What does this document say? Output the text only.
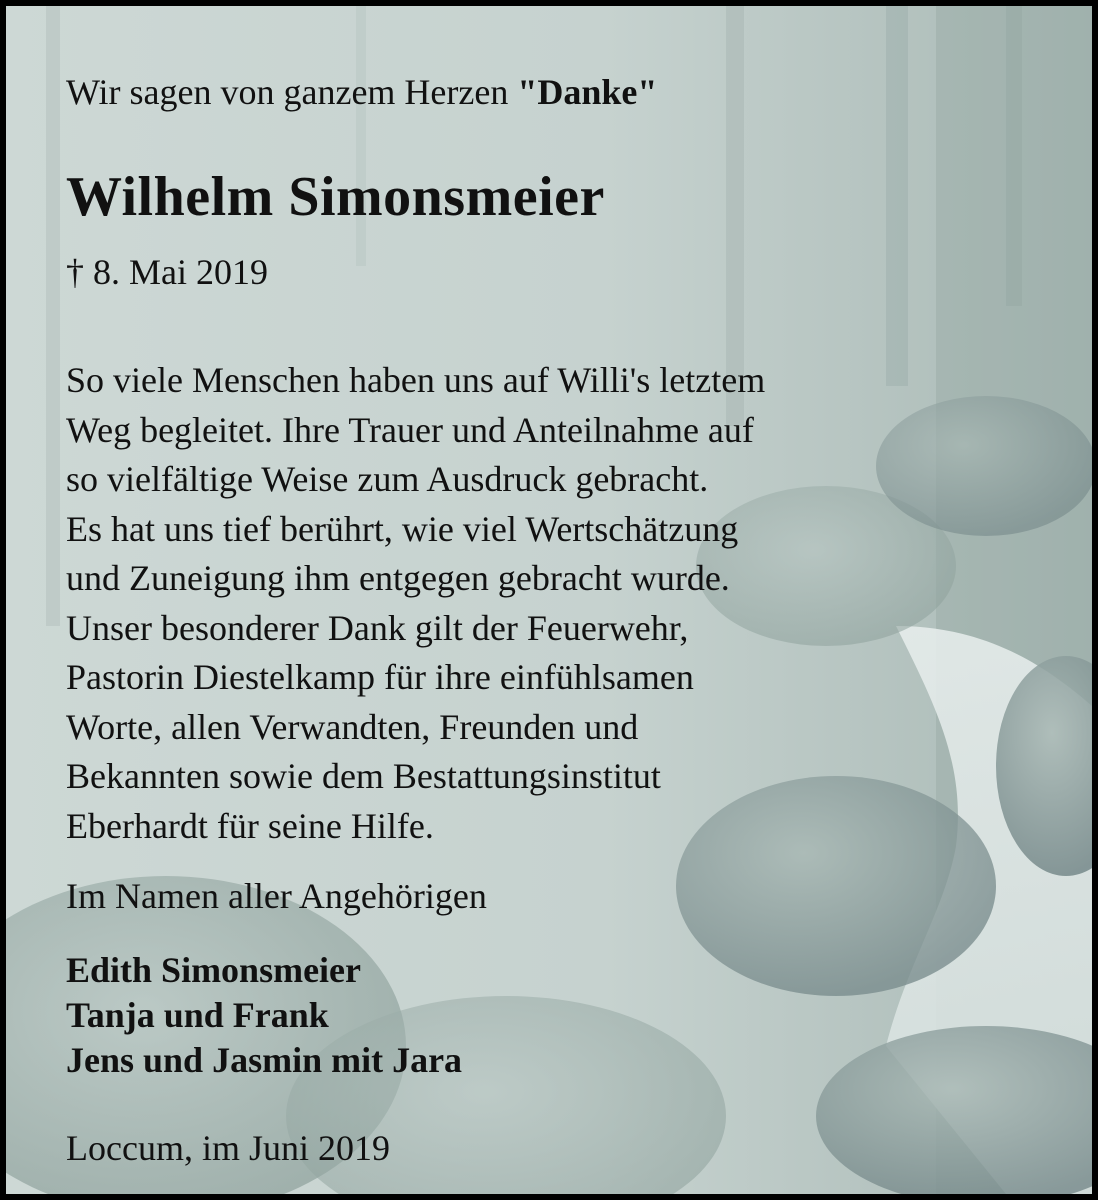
Wir sagen von ganzem Herzen "Danke"

Wilhelm Simonsmeier

† 8. Mai 2019

So viele Menschen haben uns auf Willi's letztem
Weg begleitet. Ihre Trauer und Anteilnahme auf
so vielfältige Weise zum Ausdruck gebracht.
Es hat uns tief berührt, wie viel Wertschätzung
und Zuneigung ihm entgegen gebracht wurde.
Unser besonderer Dank gilt der Feuerwehr,
Pastorin Diestelkamp für ihre einfühlsamen
Worte, allen Verwandten, Freunden und
Bekannten sowie dem Bestattungsinstitut
Eberhardt für seine Hilfe.

Im Namen aller Angehörigen

Edith Simonsmeier
Tanja und Frank
Jens und Jasmin mit Jara

Loccum, im Juni 2019
